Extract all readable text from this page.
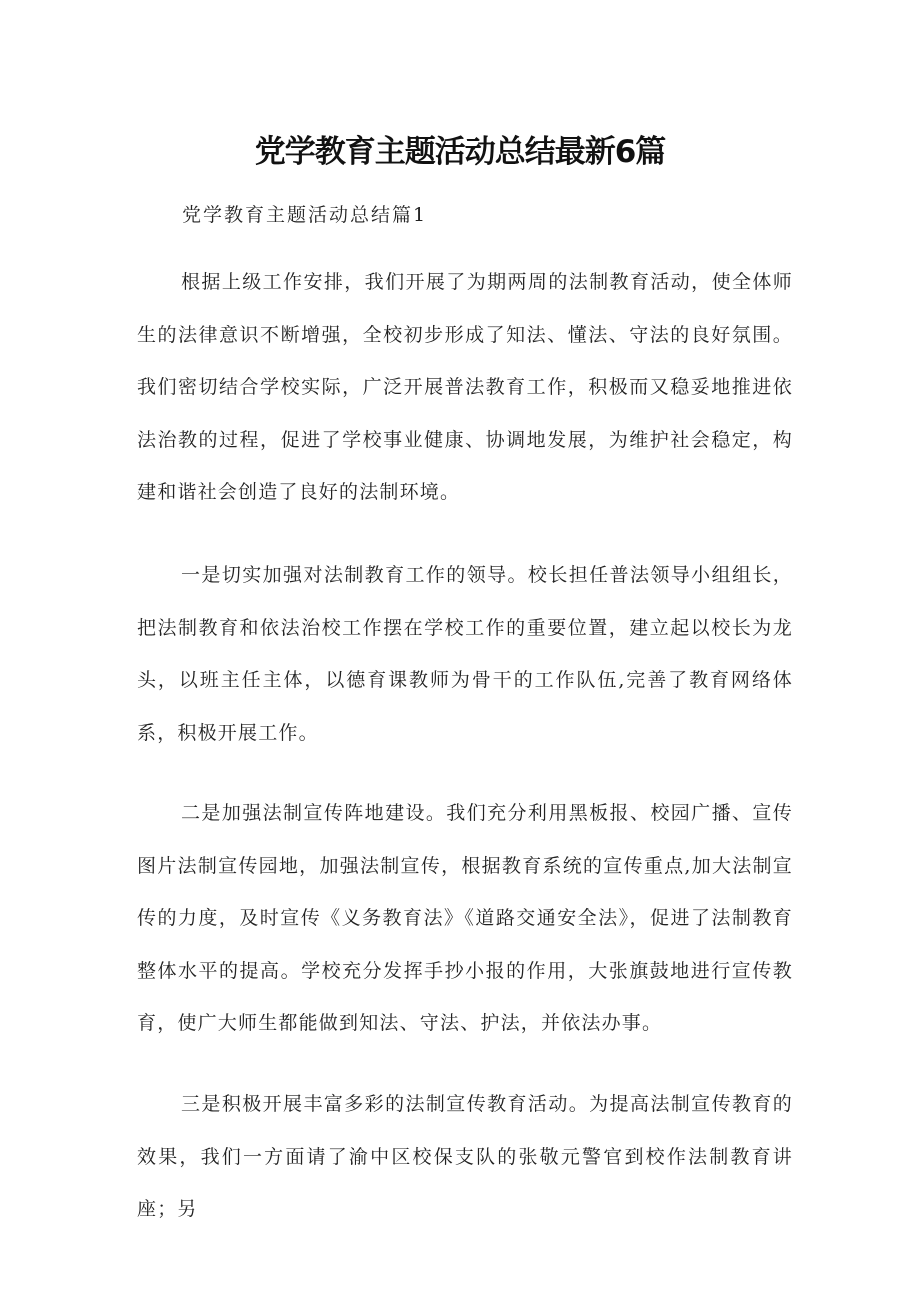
党学教育主题活动总结最新6篇

党学教育主题活动总结篇1

根据上级工作安排，我们开展了为期两周的法制教育活动，使全体师生的法律意识不断增强，全校初步形成了知法、懂法、守法的良好氛围。我们密切结合学校实际，广泛开展普法教育工作，积极而又稳妥地推进依法治教的过程，促进了学校事业健康、协调地发展，为维护社会稳定，构建和谐社会创造了良好的法制环境。

一是切实加强对法制教育工作的领导。校长担任普法领导小组组长，把法制教育和依法治校工作摆在学校工作的重要位置，建立起以校长为龙头，以班主任主体，以德育课教师为骨干的工作队伍,完善了教育网络体系，积极开展工作。

二是加强法制宣传阵地建设。我们充分利用黑板报、校园广播、宣传图片法制宣传园地，加强法制宣传，根据教育系统的宣传重点,加大法制宣传的力度，及时宣传《义务教育法》《道路交通安全法》，促进了法制教育整体水平的提高。学校充分发挥手抄小报的作用，大张旗鼓地进行宣传教育，使广大师生都能做到知法、守法、护法，并依法办事。

三是积极开展丰富多彩的法制宣传教育活动。为提高法制宣传教育的效果，我们一方面请了渝中区校保支队的张敬元警官到校作法制教育讲座；另
